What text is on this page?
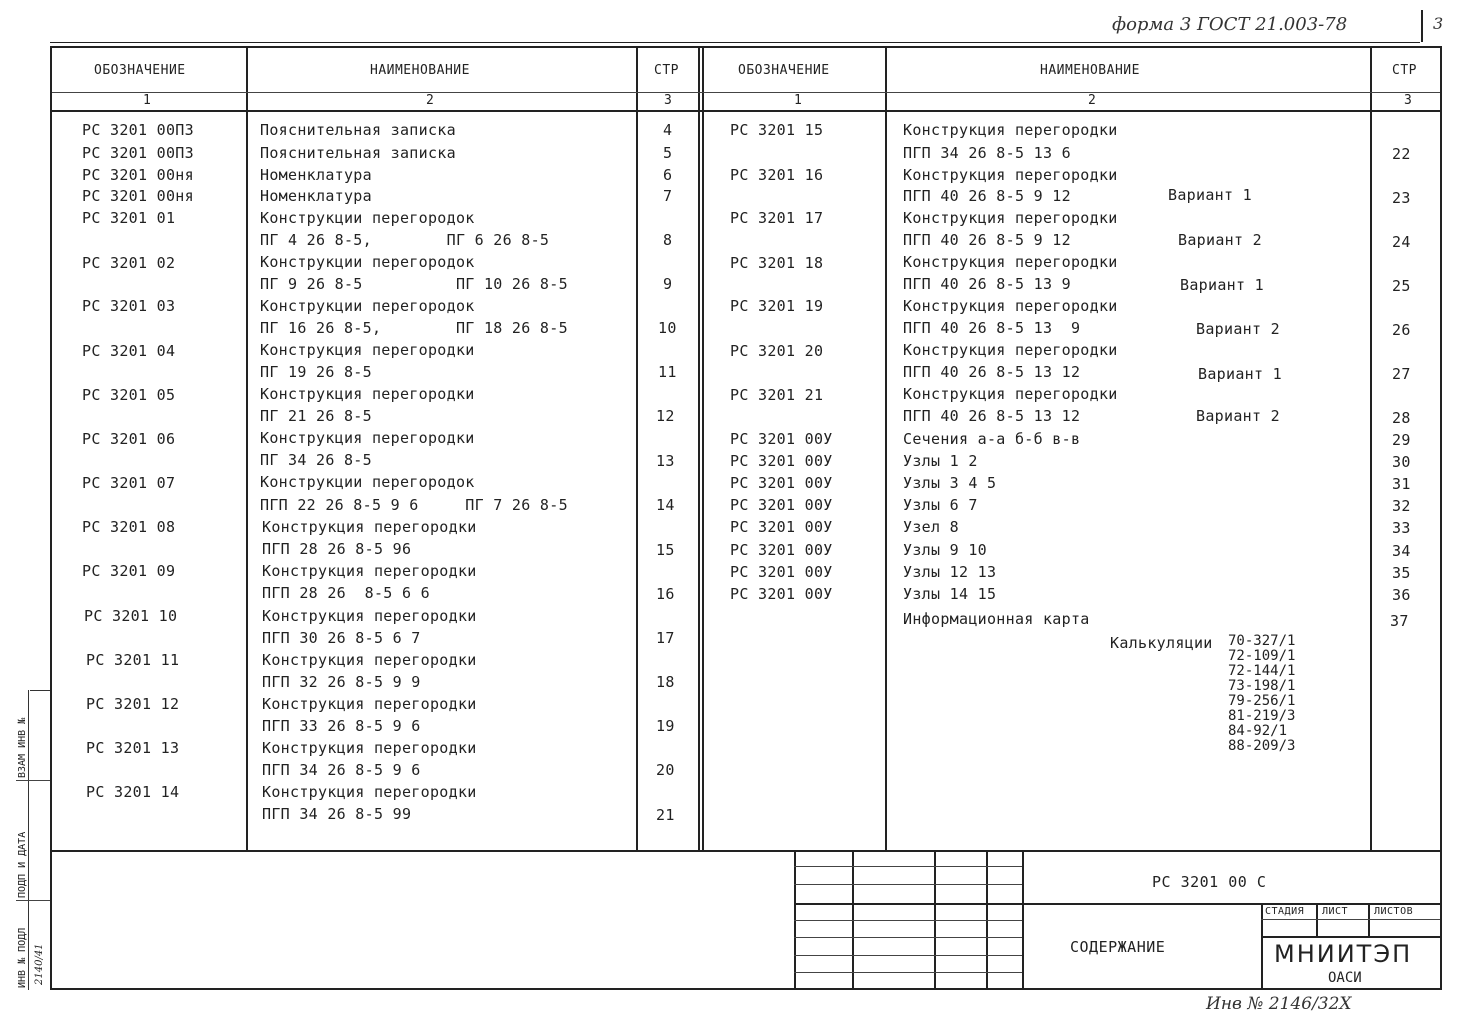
форма 3 ГОСТ 21.003-78	3
ОБОЗНАЧЕНИЕ	НАИМЕНОВАНИЕ	СТР
1	2	3
ОБОЗНАЧЕНИЕ	НАИМЕНОВАНИЕ	СТР
1	2	3
РС 3201 00ПЗ	Пояснительная записка	4
РС 3201 00ПЗ	Пояснительная записка	5
РС 3201 00ня	Номенклатура	6
РС 3201 00ня	Номенклатура	7
РС 3201 01	Конструкции перегородок
ПГ 4 26 8-5,        ПГ 6 26 8-5	8
РС 3201 02	Конструкции перегородок
ПГ 9 26 8-5          ПГ 10 26 8-5	9
РС 3201 03	Конструкции перегородок
ПГ 16 26 8-5,        ПГ 18 26 8-5	10
РС 3201 04	Конструкция перегородки
ПГ 19 26 8-5	11
РС 3201 05	Конструкция перегородки
ПГ 21 26 8-5	12
РС 3201 06	Конструкция перегородки
ПГ 34 26 8-5	13
РС 3201 07	Конструкции перегородок
ПГП 22 26 8-5 9 6     ПГ 7 26 8-5	14
РС 3201 08	Конструкция перегородки
ПГП 28 26 8-5 96	15
РС 3201 09	Конструкция перегородки
ПГП 28 26  8-5 6 6	16
РС 3201 10	Конструкция перегородки
ПГП 30 26 8-5 6 7	17
РС 3201 11	Конструкция перегородки
ПГП 32 26 8-5 9 9	18
РС 3201 12	Конструкция перегородки
ПГП 33 26 8-5 9 6	19
РС 3201 13	Конструкция перегородки
ПГП 34 26 8-5 9 6	20
РС 3201 14	Конструкция перегородки
ПГП 34 26 8-5 99	21
РС 3201 15	Конструкция перегородки
ПГП 34 26 8-5 13 6	22
РС 3201 16	Конструкция перегородки
ПГП 40 26 8-5 9 12	Вариант 1	23
РС 3201 17	Конструкция перегородки
ПГП 40 26 8-5 9 12	Вариант 2	24
РС 3201 18	Конструкция перегородки
ПГП 40 26 8-5 13 9	Вариант 1	25
РС 3201 19	Конструкция перегородки
ПГП 40 26 8-5 13  9	Вариант 2	26
РС 3201 20	Конструкция перегородки
ПГП 40 26 8-5 13 12	Вариант 1	27
РС 3201 21	Конструкция перегородки
ПГП 40 26 8-5 13 12	Вариант 2	28
РС 3201 00У	Сечения а-а б-б в-в	29
РС 3201 00У	Узлы 1 2	30
РС 3201 00У	Узлы 3 4 5	31
РС 3201 00У	Узлы 6 7	32
РС 3201 00У	Узел 8	33
РС 3201 00У	Узлы 9 10	34
РС 3201 00У	Узлы 12 13	35
РС 3201 00У	Узлы 14 15	36
Информационная карта	37
Калькуляции 70-327/1
72-109/1
72-144/1
73-198/1
79-256/1
81-219/3
84-92/1
88-209/3
РС 3201 00 С
СОДЕРЖАНИЕ
СТАДИЯ ЛИСТ	ЛИСТОВ
МНИИТЭП
ОАСИ
ВЗАМ ИНВ №
ПОДП И ДАТА
ИНВ № ПОДЛ 2140/41
Инв № 2146/32Х
